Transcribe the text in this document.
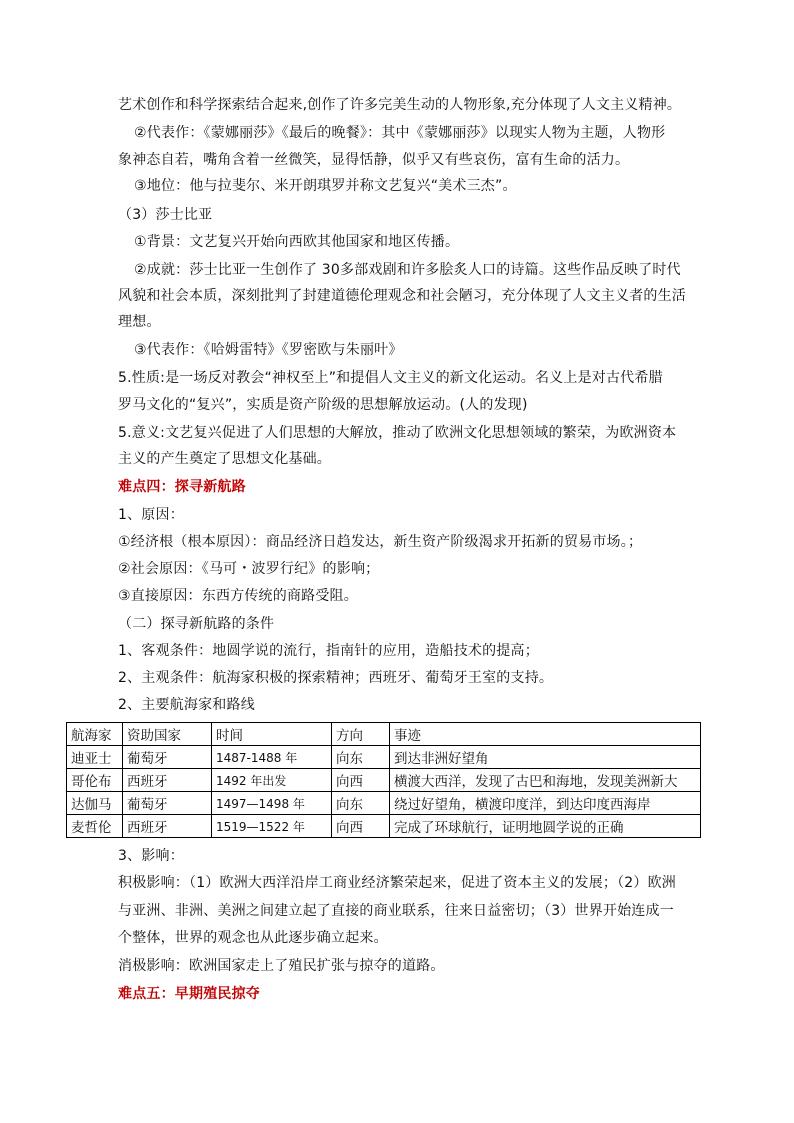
艺术创作和科学探索结合起来,创作了许多完美生动的人物形象,充分体现了人文主义精神。
②代表作：《蒙娜丽莎》《最后的晚餐》：其中《蒙娜丽莎》以现实人物为主题，人物形
象神态自若，嘴角含着一丝微笑，显得恬静，似乎又有些哀伤，富有生命的活力。
③地位：他与拉斐尔、米开朗琪罗并称文艺复兴“美术三杰”。
（3）莎士比亚
①背景：文艺复兴开始向西欧其他国家和地区传播。
②成就：莎士比亚一生创作了 30多部戏剧和许多脍炙人口的诗篇。这些作品反映了时代
风貌和社会本质，深刻批判了封建道德伦理观念和社会陋习，充分体现了人文主义者的生活
理想。
③代表作：《哈姆雷特》《罗密欧与朱丽叶》
5.性质:是一场反对教会“神权至上”和提倡人文主义的新文化运动。名义上是对古代希腊
罗马文化的“复兴”，实质是资产阶级的思想解放运动。(人的发现)
5.意义:文艺复兴促进了人们思想的大解放，推动了欧洲文化思想领域的繁荣，为欧洲资本
主义的产生奠定了思想文化基础。
难点四：探寻新航路
1、原因：
①经济根（根本原因）：商品经济日趋发达，新生资产阶级渴求开拓新的贸易市场。；
②社会原因：《马可・波罗行纪》的影响；
③直接原因：东西方传统的商路受阻。
（二）探寻新航路的条件
1、客观条件：地圆学说的流行，指南针的应用，造船技术的提高；
2、主观条件：航海家积极的探索精神；西班牙、葡萄牙王室的支持。
2、主要航海家和路线
航海家	资助国家	时间	方向	事迹
迪亚士	葡萄牙	1487-1488 年	向东	到达非洲好望角
哥伦布	西班牙	1492 年出发	向西	横渡大西洋，发现了古巴和海地，发现美洲新大
达伽马	葡萄牙	1497—1498 年	向东	绕过好望角，横渡印度洋，到达印度西海岸
麦哲伦	西班牙	1519—1522 年	向西	完成了环球航行，证明地圆学说的正确
3、影响：
积极影响：（1）欧洲大西洋沿岸工商业经济繁荣起来，促进了资本主义的发展；（2）欧洲
与亚洲、非洲、美洲之间建立起了直接的商业联系，往来日益密切；（3）世界开始连成一
个整体，世界的观念也从此逐步确立起来。
消极影响：欧洲国家走上了殖民扩张与掠夺的道路。
难点五：早期殖民掠夺
